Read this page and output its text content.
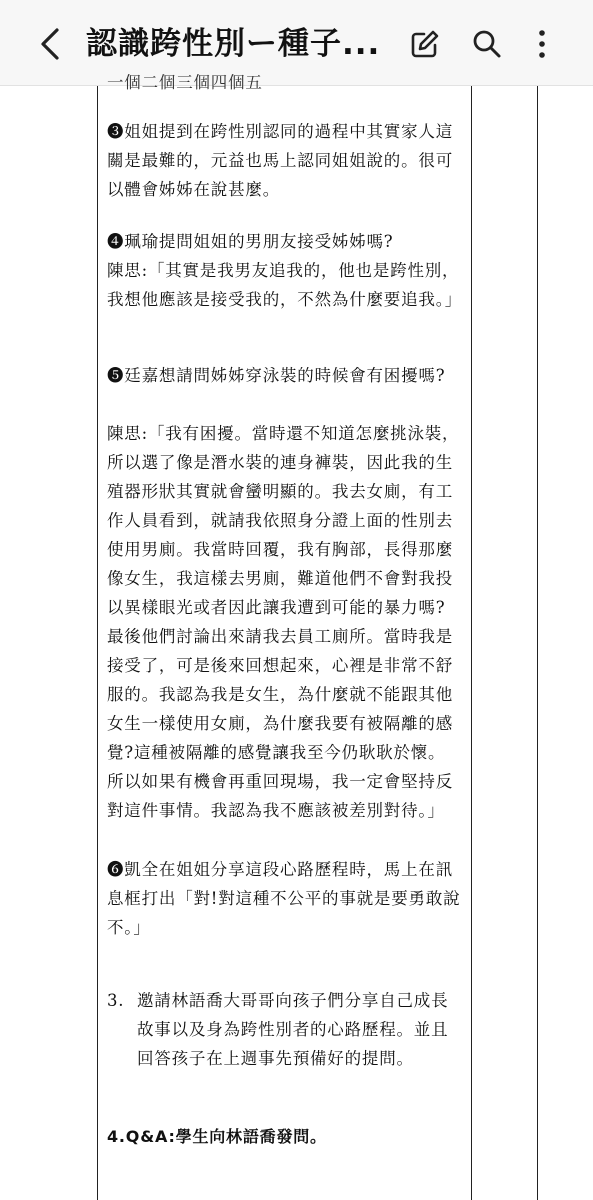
認識跨性別ー種子...

一個二個三個四個五

❸姐姐提到在跨性別認同的過程中其實家人這關是最難的，元益也馬上認同姐姐說的。很可以體會姊姊在說甚麼。

❹珮瑜提問姐姐的男朋友接受姊姊嗎?

陳思:「其實是我男友追我的，他也是跨性別，我想他應該是接受我的，不然為什麼要追我。」

❺廷嘉想請問姊姊穿泳裝的時候會有困擾嗎?

陳思:「我有困擾。當時還不知道怎麼挑泳裝，所以選了像是潛水裝的連身褲裝，因此我的生殖器形狀其實就會蠻明顯的。我去女廁，有工作人員看到，就請我依照身分證上面的性別去使用男廁。我當時回覆，我有胸部，長得那麼像女生，我這樣去男廁，難道他們不會對我投以異樣眼光或者因此讓我遭到可能的暴力嗎?最後他們討論出來請我去員工廁所。當時我是接受了，可是後來回想起來，心裡是非常不舒服的。我認為我是女生，為什麼就不能跟其他女生一樣使用女廁，為什麼我要有被隔離的感覺?這種被隔離的感覺讓我至今仍耿耿於懷。所以如果有機會再重回現場，我一定會堅持反對這件事情。我認為我不應該被差別對待。」

❻凱全在姐姐分享這段心路歷程時，馬上在訊息框打出「對!對這種不公平的事就是要勇敢說不。」

3. 邀請林語喬大哥哥向孩子們分享自己成長故事以及身為跨性別者的心路歷程。並且回答孩子在上週事先預備好的提問。

4.Q&A:學生向林語喬發問。
